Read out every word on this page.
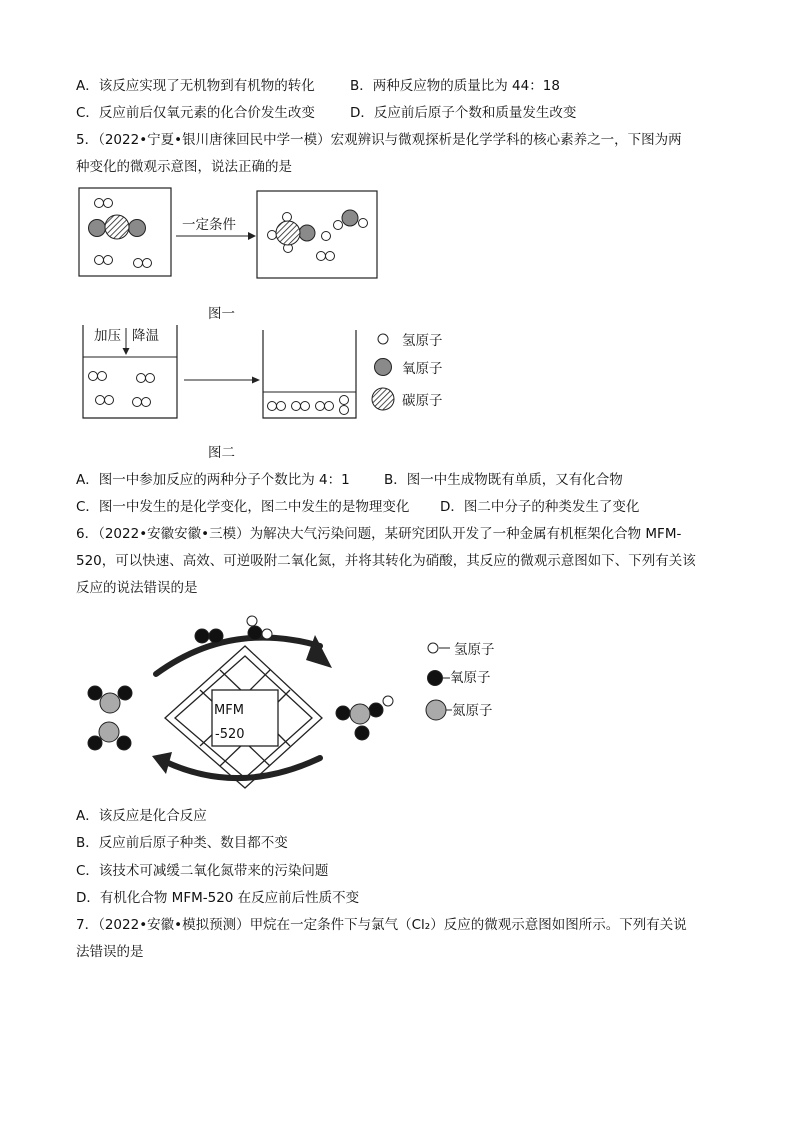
A．该反应实现了无机物到有机物的转化	B．两种反应物的质量比为 44：18
C．反应前后仅氧元素的化合价发生改变	D．反应前后原子个数和质量发生改变
5．（2022•宁夏•银川唐徕回民中学一模）宏观辨识与微观探析是化学学科的核心素养之一，下图为两
种变化的微观示意图，说法正确的是
一定条件
图一
加压 降温	氢原子
氧原子
碳原子
图二
A．图一中参加反应的两种分子个数比为 4：1	B．图一中生成物既有单质，又有化合物
C．图一中发生的是化学变化，图二中发生的是物理变化 D．图二中分子的种类发生了变化
6．（2022•安徽安徽•三模）为解决大气污染问题，某研究团队开发了一种金属有机框架化合物 MFM-
520，可以快速、高效、可逆吸附二氧化氮，并将其转化为硝酸，其反应的微观示意图如下、下列有关该
反应的说法错误的是
MFM
-520
氢原子
氧原子
氮原子
A．该反应是化合反应
B．反应前后原子种类、数目都不变
C．该技术可减缓二氧化氮带来的污染问题
D．有机化合物 MFM-520 在反应前后性质不变
7．（2022•安徽•模拟预测）甲烷在一定条件下与氯气（Cl₂）反应的微观示意图如图所示。下列有关说
法错误的是
